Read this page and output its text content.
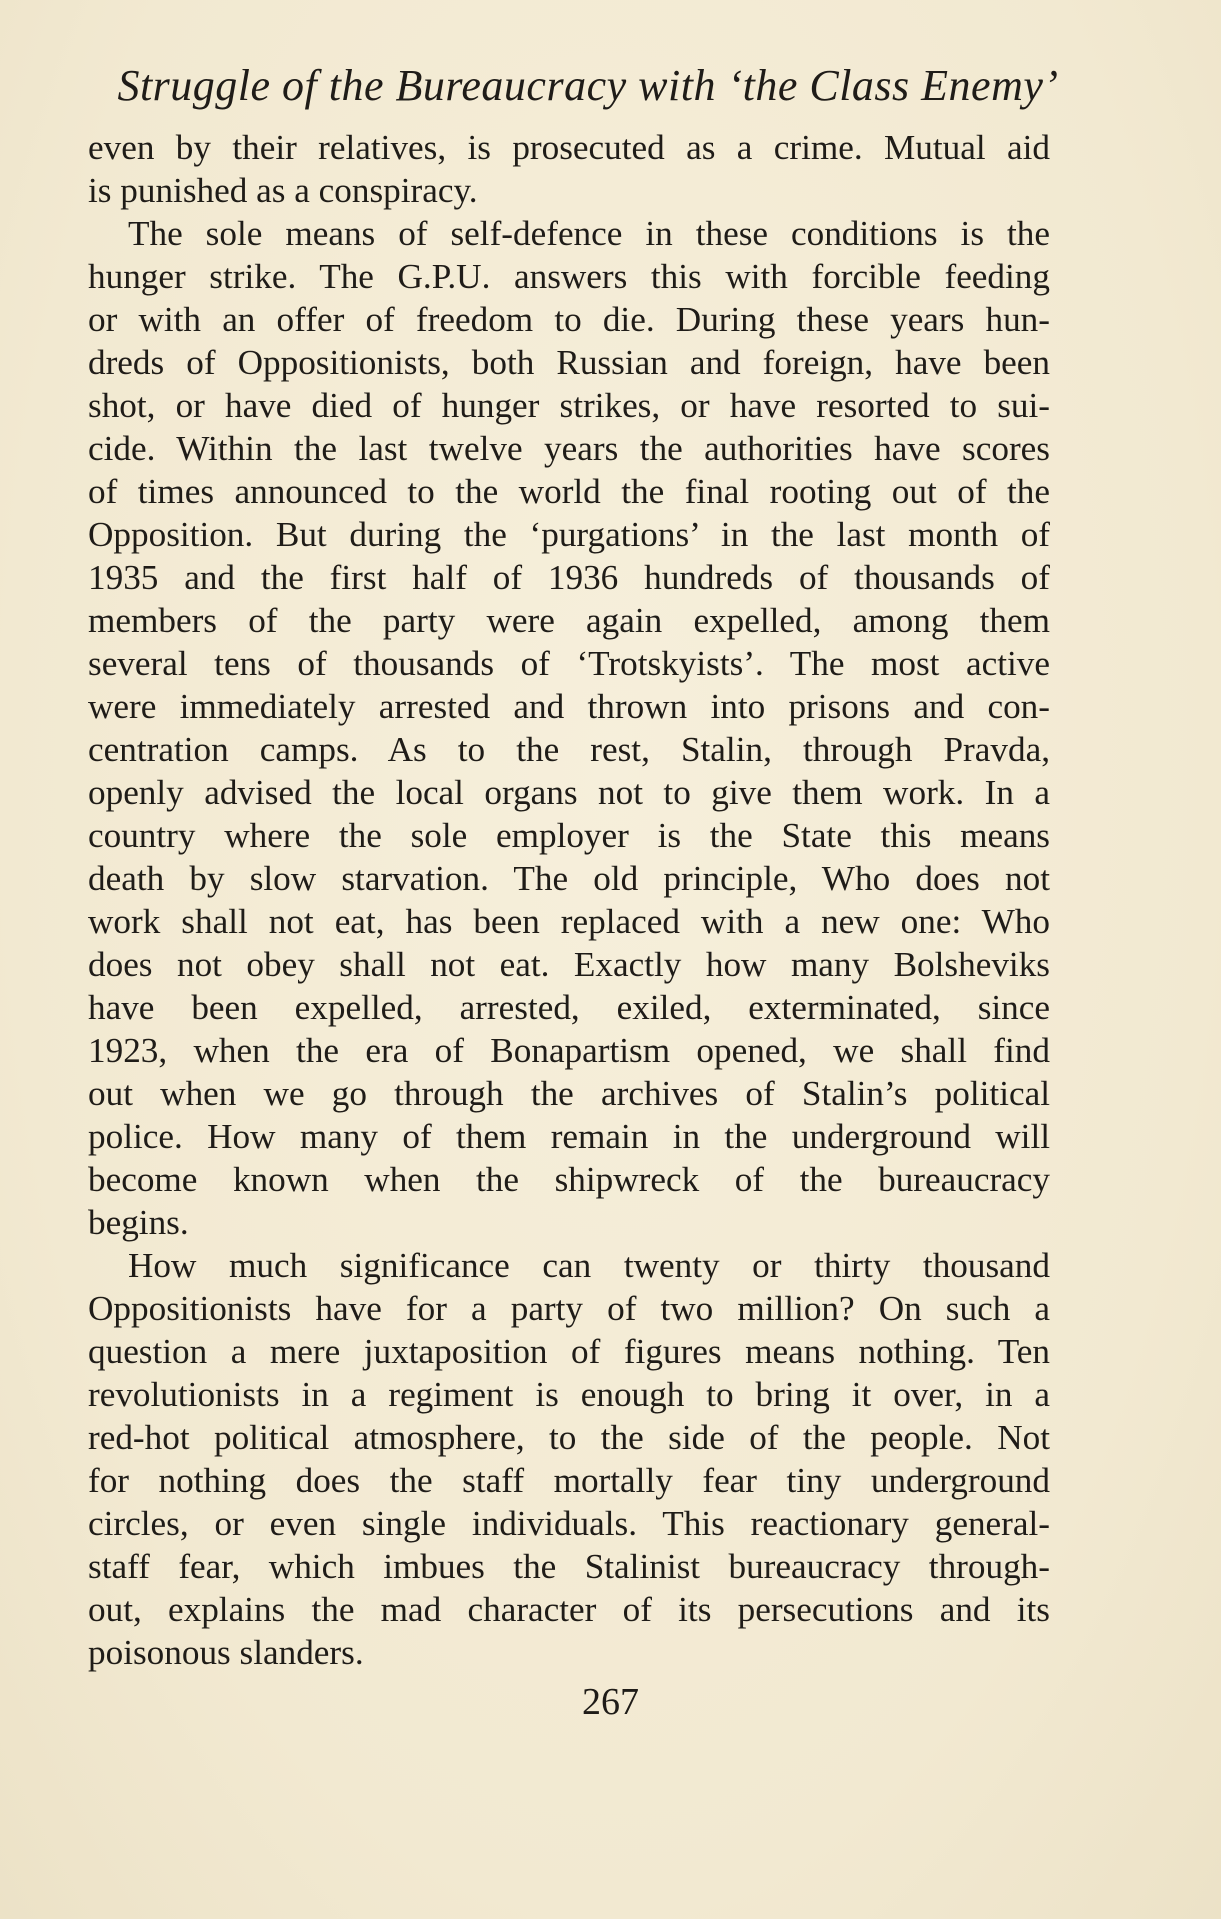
Struggle of the Bureaucracy with ‘the Class Enemy’
even by their relatives, is prosecuted as a crime. Mutual aid
is punished as a conspiracy.
The sole means of self-defence in these conditions is the
hunger strike. The G.P.U. answers this with forcible feeding
or with an offer of freedom to die. During these years hun-
dreds of Oppositionists, both Russian and foreign, have been
shot, or have died of hunger strikes, or have resorted to sui-
cide. Within the last twelve years the authorities have scores
of times announced to the world the final rooting out of the
Opposition. But during the ‘purgations’ in the last month of
1935 and the first half of 1936 hundreds of thousands of
members of the party were again expelled, among them
several tens of thousands of ‘Trotskyists’. The most active
were immediately arrested and thrown into prisons and con-
centration camps. As to the rest, Stalin, through Pravda,
openly advised the local organs not to give them work. In a
country where the sole employer is the State this means
death by slow starvation. The old principle, Who does not
work shall not eat, has been replaced with a new one: Who
does not obey shall not eat. Exactly how many Bolsheviks
have been expelled, arrested, exiled, exterminated, since
1923, when the era of Bonapartism opened, we shall find
out when we go through the archives of Stalin’s political
police. How many of them remain in the underground will
become known when the shipwreck of the bureaucracy
begins.
How much significance can twenty or thirty thousand
Oppositionists have for a party of two million? On such a
question a mere juxtaposition of figures means nothing. Ten
revolutionists in a regiment is enough to bring it over, in a
red-hot political atmosphere, to the side of the people. Not
for nothing does the staff mortally fear tiny underground
circles, or even single individuals. This reactionary general-
staff fear, which imbues the Stalinist bureaucracy through-
out, explains the mad character of its persecutions and its
poisonous slanders.
267
